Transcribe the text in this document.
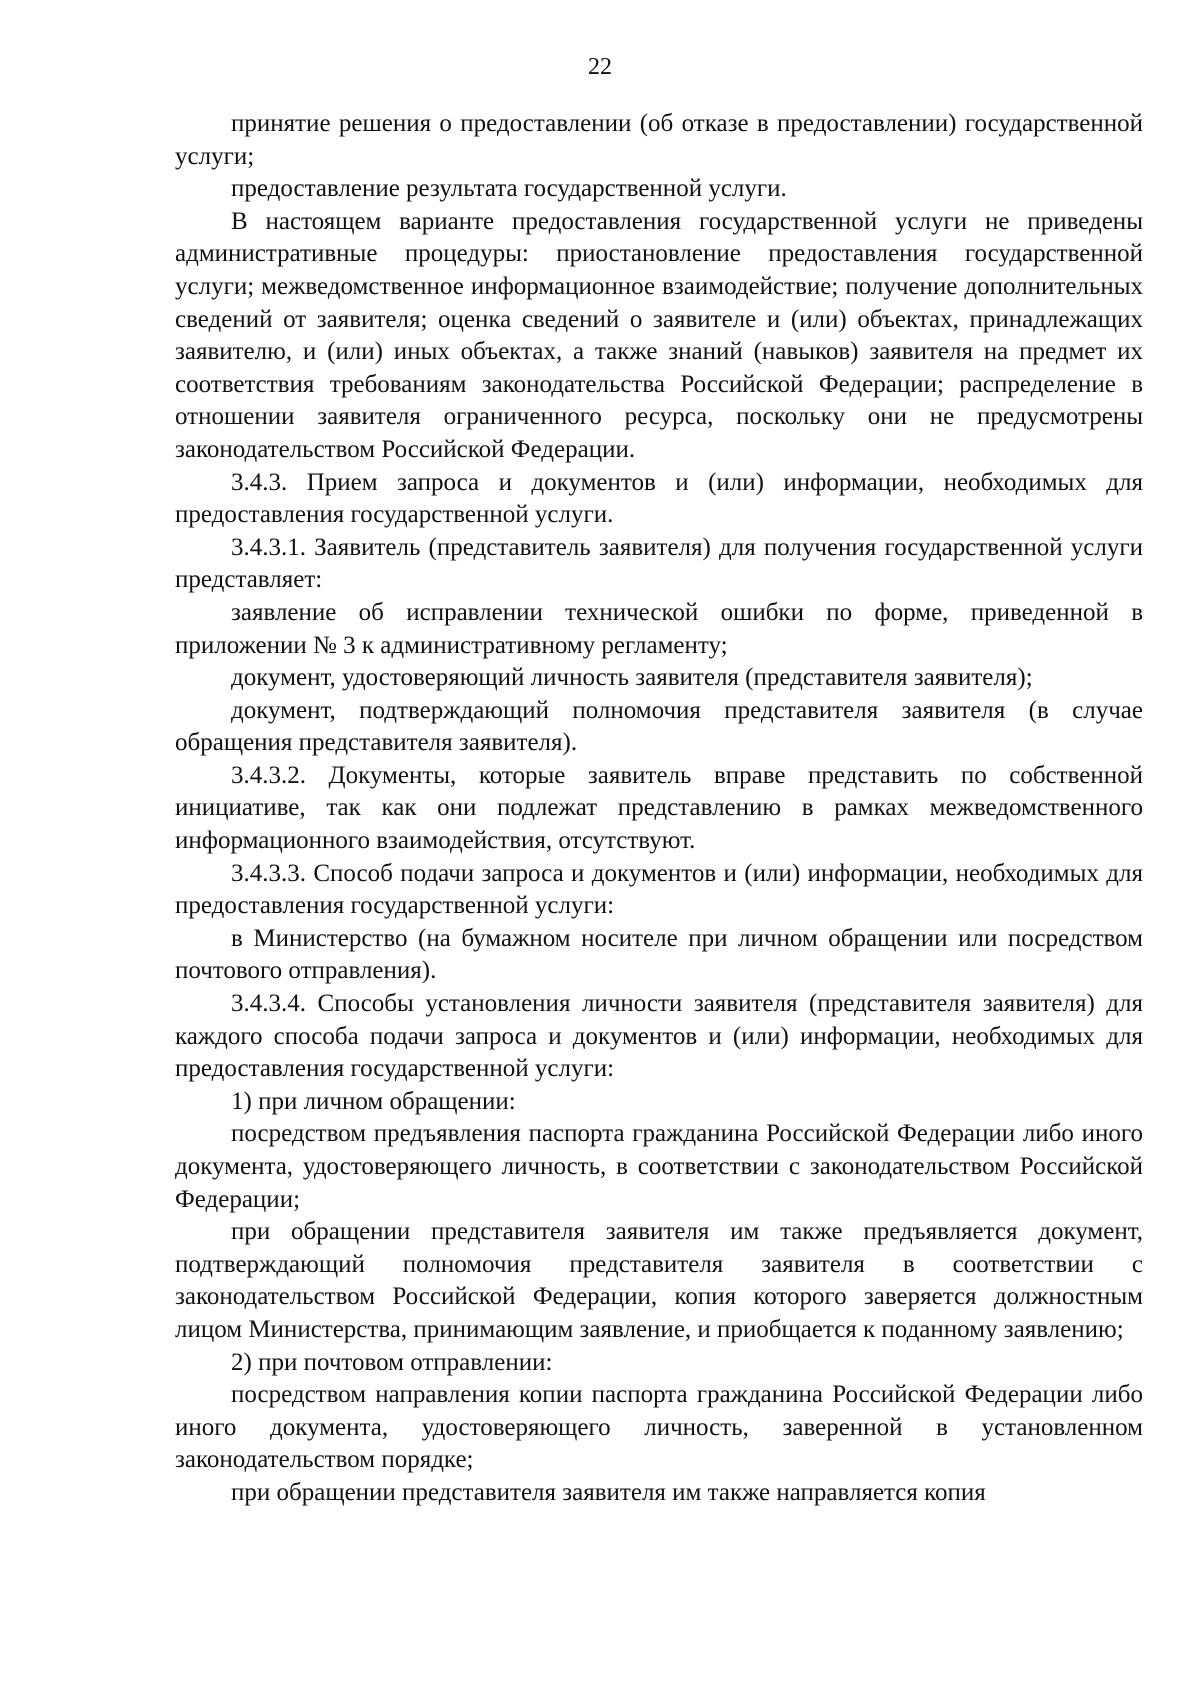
22

принятие решения о предоставлении (об отказе в предоставлении) государственной услуги;

предоставление результата государственной услуги.

В настоящем варианте предоставления государственной услуги не приведены административные процедуры: приостановление предоставления государственной услуги; межведомственное информационное взаимодействие; получение дополнительных сведений от заявителя; оценка сведений о заявителе и (или) объектах, принадлежащих заявителю, и (или) иных объектах, а также знаний (навыков) заявителя на предмет их соответствия требованиям законодательства Российской Федерации; распределение в отношении заявителя ограниченного ресурса, поскольку они не предусмотрены законодательством Российской Федерации.

3.4.3. Прием запроса и документов и (или) информации, необходимых для предоставления государственной услуги.

3.4.3.1. Заявитель (представитель заявителя) для получения государственной услуги представляет:

заявление об исправлении технической ошибки по форме, приведенной в приложении № 3 к административному регламенту;

документ, удостоверяющий личность заявителя (представителя заявителя);

документ, подтверждающий полномочия представителя заявителя (в случае обращения представителя заявителя).

3.4.3.2. Документы, которые заявитель вправе представить по собственной инициативе, так как они подлежат представлению в рамках межведомственного информационного взаимодействия, отсутствуют.

3.4.3.3. Способ подачи запроса и документов и (или) информации, необходимых для предоставления государственной услуги:

в Министерство (на бумажном носителе при личном обращении или посредством почтового отправления).

3.4.3.4. Способы установления личности заявителя (представителя заявителя) для каждого способа подачи запроса и документов и (или) информации, необходимых для предоставления государственной услуги:

1) при личном обращении:

посредством предъявления паспорта гражданина Российской Федерации либо иного документа, удостоверяющего личность, в соответствии с законодательством Российской Федерации;

при обращении представителя заявителя им также предъявляется документ, подтверждающий полномочия представителя заявителя в соответствии с законодательством Российской Федерации, копия которого заверяется должностным лицом Министерства, принимающим заявление, и приобщается к поданному заявлению;

2) при почтовом отправлении:

посредством направления копии паспорта гражданина Российской Федерации либо иного документа, удостоверяющего личность, заверенной в установленном законодательством порядке;

при обращении представителя заявителя им также направляется копия
